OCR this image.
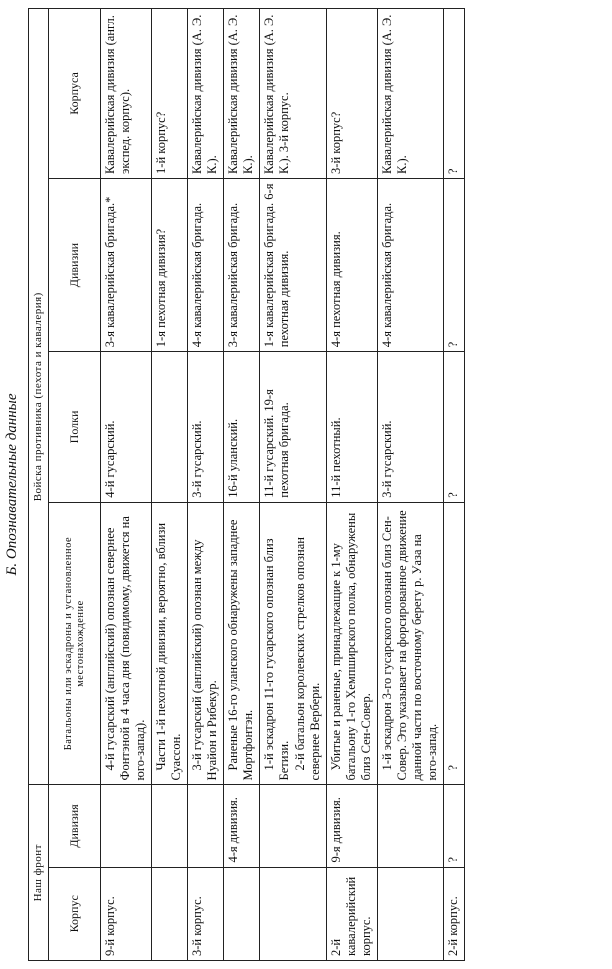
Б. Опознавательные данные
Наш фронт		Войска противника (пехота и кавалерия)			
Корпус	Дивизия	Батальоны или эскадроны и установленное местонахождение	Полки	Дивизии	Корпуса
9-й корпус.		4-й гусарский (английский) опознан севернее Фонтэной в 4 часа дня (повидимому, движется на юго-запад).	4-й гусарский.	3-я кавалерийская бригада.*	Кавалерийская дивизия (англ. экспед. корпус).

		Части 1-й пехотной дивизии, вероятно, вблизи Суассон.		1-я пехотная дивизия?	1-й корпус?
3-й корпус.		3-й гусарский (английский) опознан между Нуайон и Рибекур.	3-й гусарский.	4-я кавалерийская бригада.	Кавалерийская дивизия (А. Э. К.).
	4-я дивизия.	Раненые 16-го уланского обнаружены западнее Мортфонтэн.	16-й уланский.	3-я кавалерийская бригада.	Кавалерийская дивизия (А. Э. К.).

		1-й эскадрон 11-го гусарского опознан близ Бетизи. 2-й батальон королевских стрелков опознан севернее Вербери.	11-й гусарский. 19-я пехотная бригада.	1-я кавалерийская бригада. 6-я пехотная дивизия.	Кавалерийская дивизия (А. Э. К.). 3-й корпус.
2-й кавалерийский корпус.	9-я дивизия.	Убитые и раненые, принадлежащие к 1-му батальону 1-го Хемпширского полка, обнаружены близ Сен-Совер.	11-й пехотный.	4-я пехотная дивизия.	3-й корпус?

		1-й эскадрон 3-го гусарского опознан близ Сен-Совер. Это указывает на форсированное движение данной части по восточному берегу р. Уаза на юго-запад.	3-й гусарский.	4-я кавалерийская бригада.	Кавалерийская дивизия (А. Э. К.).
2-й корпус.	?	?	?	?	?
